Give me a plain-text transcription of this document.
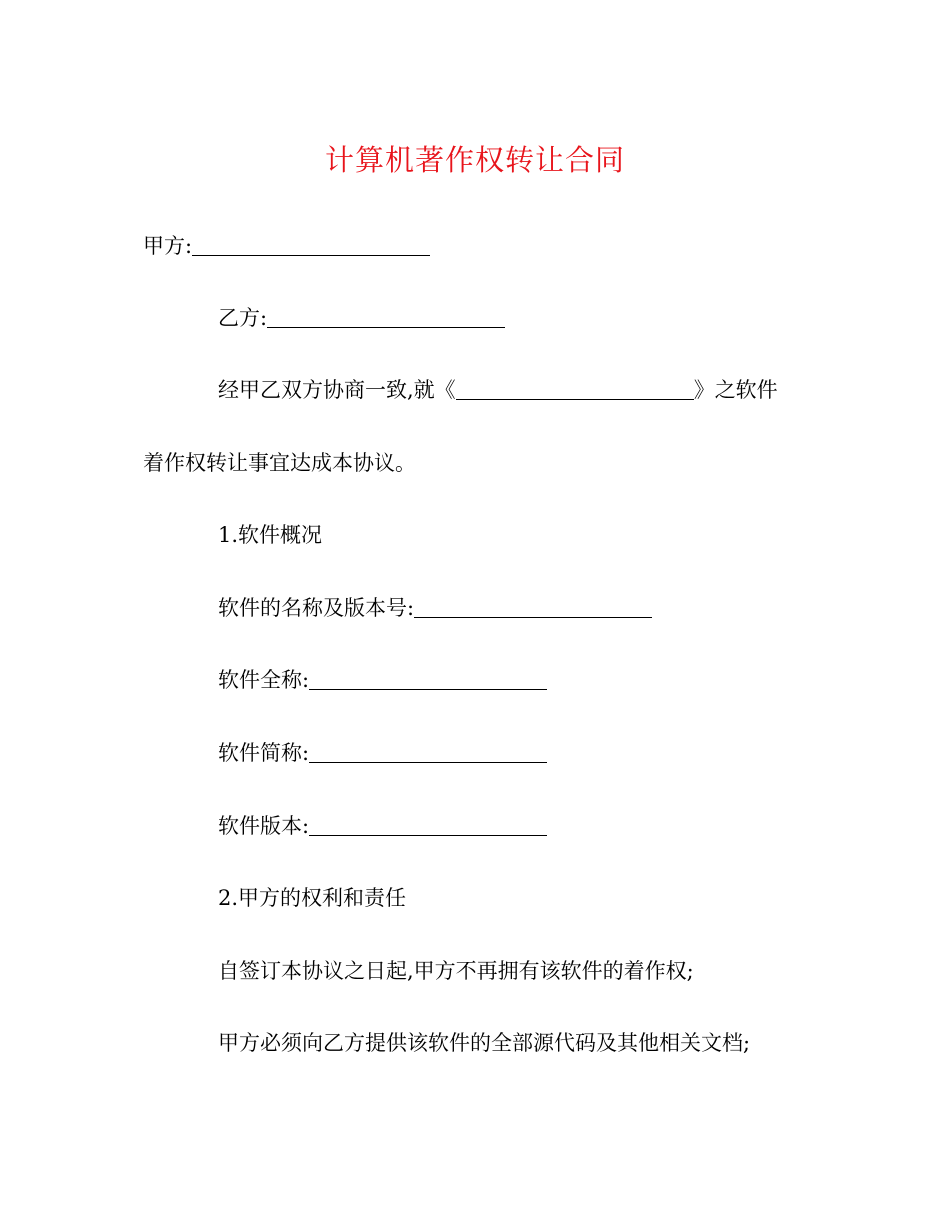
计算机著作权转让合同
甲方:
乙方:
经甲乙双方协商一致,就《	》之软件
着作权转让事宜达成本协议。
1.软件概况
软件的名称及版本号:
软件全称:
软件简称:
软件版本:
2.甲方的权利和责任
自签订本协议之日起,甲方不再拥有该软件的着作权;
甲方必须向乙方提供该软件的全部源代码及其他相关文档;
